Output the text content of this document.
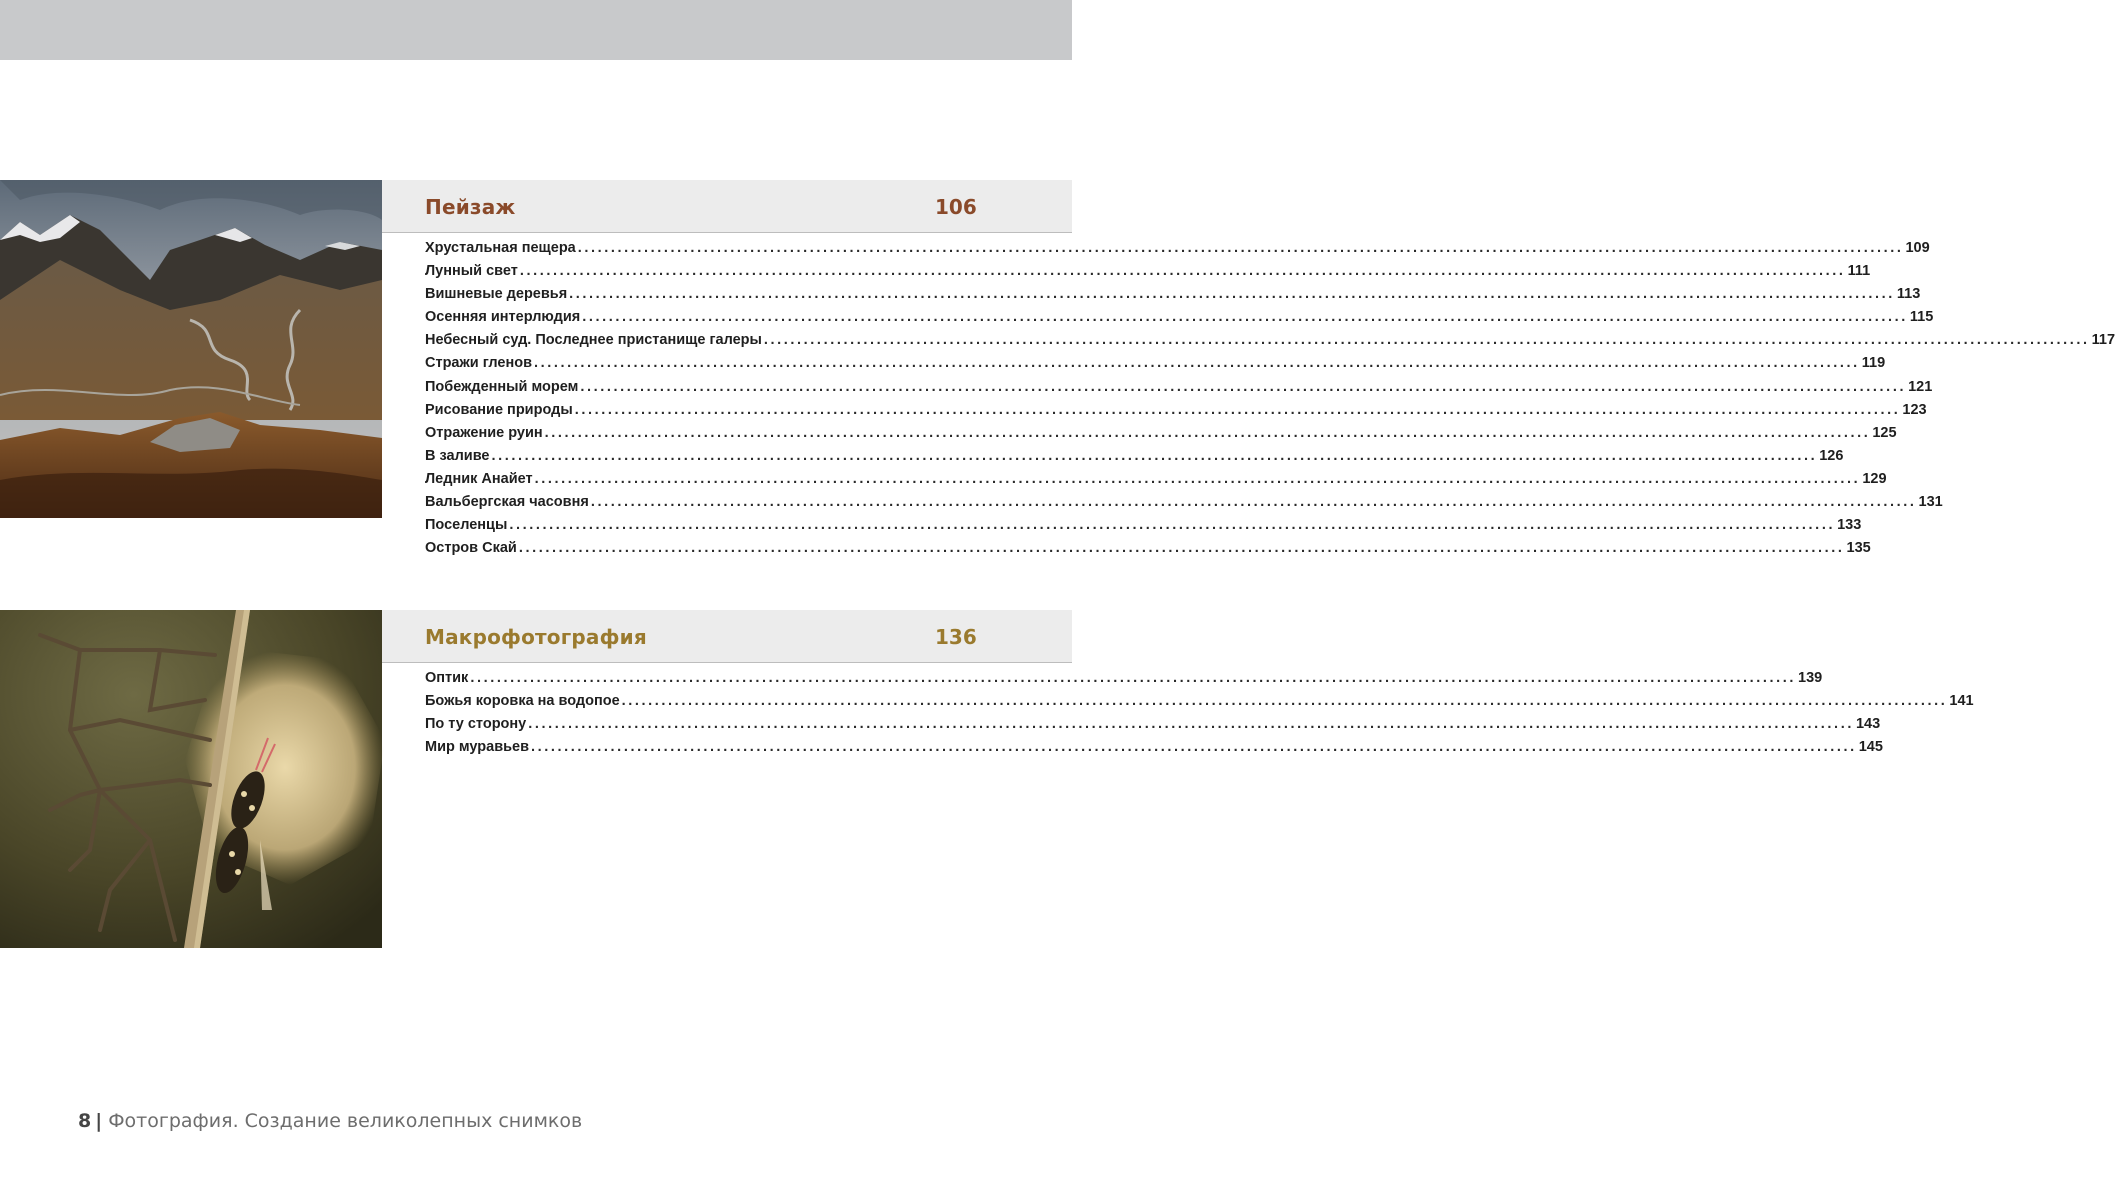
Пейзаж	106
Хрустальная пещера ........................................................................................................................................................................................................ 109
Лунный свет ........................................................................................................................................................................................................ 111
Вишневые деревья ........................................................................................................................................................................................................ 113
Осенняя интерлюдия ........................................................................................................................................................................................................ 115
Небесный суд. Последнее пристанище галеры ........................................................................................................................................................................................................ 117
Стражи гленов ........................................................................................................................................................................................................ 119
Побежденный морем ........................................................................................................................................................................................................ 121
Рисование природы ........................................................................................................................................................................................................ 123
Отражение руин ........................................................................................................................................................................................................ 125
В заливе ........................................................................................................................................................................................................ 126
Ледник Анайет ........................................................................................................................................................................................................ 129
Вальбергская часовня ........................................................................................................................................................................................................ 131
Поселенцы ........................................................................................................................................................................................................ 133
Остров Скай ........................................................................................................................................................................................................ 135
Макрофотография	136
Оптик ........................................................................................................................................................................................................ 139
Божья коровка на водопое ........................................................................................................................................................................................................ 141
По ту сторону ........................................................................................................................................................................................................ 143
Мир муравьев ........................................................................................................................................................................................................ 145
8 | Фотография. Создание великолепных снимков
